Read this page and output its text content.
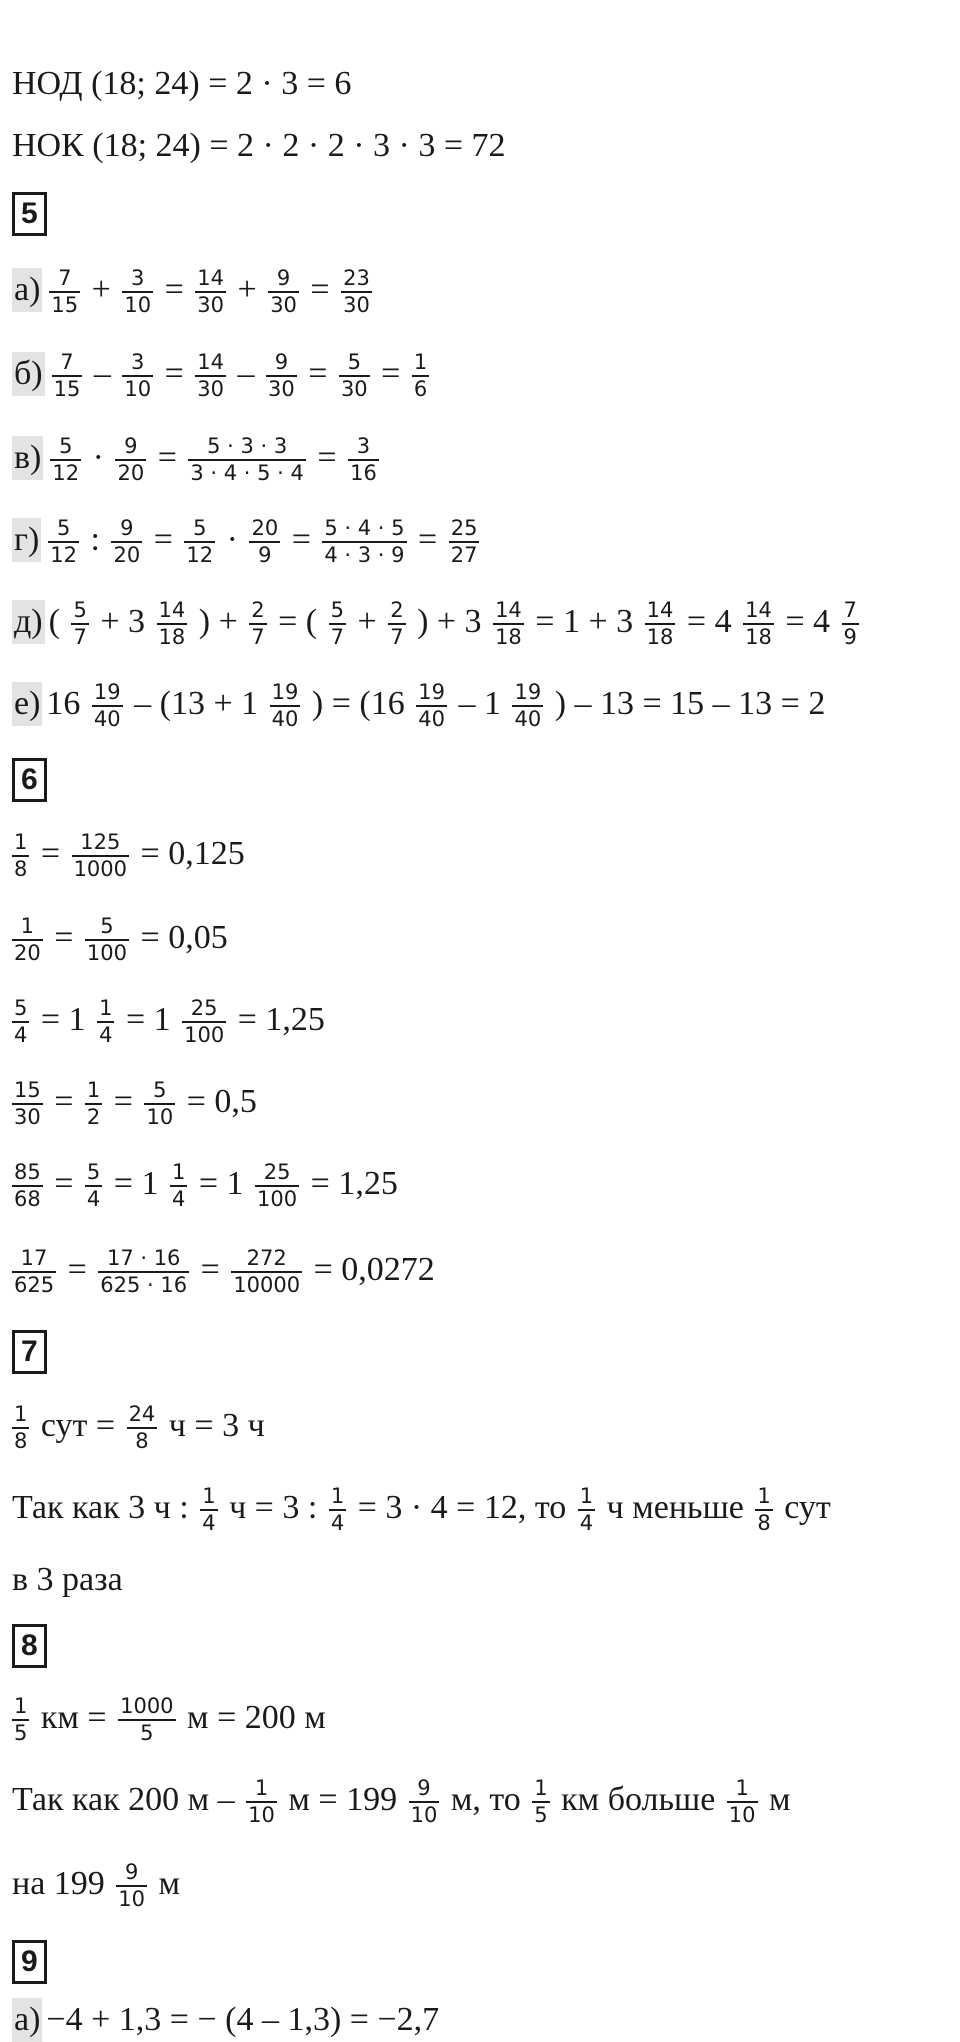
НОД (18; 24) = 2 · 3 = 6
НОК (18; 24) = 2 · 2 · 2 · 3 · 3 = 72
5
$а) \frac{7}{15} + \frac{3}{10} = \frac{14}{30} + \frac{9}{30} = \frac{23}{30}$
$б) \frac{7}{15} - \frac{3}{10} = \frac{14}{30} - \frac{9}{30} = \frac{5}{30} = \frac{1}{6}$
$в) \frac{5}{12} \cdot \frac{9}{20} = \frac{5 \cdot 3 \cdot 3}{3 \cdot 4 \cdot 5 \cdot 4} = \frac{3}{16}$
$г) \frac{5}{12}$ : $\frac{9}{20} = \frac{5}{12} \cdot \frac{20}{9} = \frac{5 \cdot 4 \cdot 5}{4 \cdot 3 \cdot 9} = \frac{25}{27}$
д) ( $\frac{5}{7} + 3 \frac{14}{18}$ ) + $\frac{2}{7}$ = ( $\frac{5}{7} + \frac{2}{7}$ ) + $3 \frac{14}{18} = 1 + 3 \frac{14}{18} = 4 \frac{14}{18} = 4 \frac{7}{9}$
е) $16 \frac{19}{40} - (13 + 1 \frac{19}{40}$ ) = ($16 \frac{19}{40} - 1 \frac{19}{40}$ ) – 13 = 15 – 13 = 2
6
$\frac{1}{8} = \frac{125}{1000} = 0,125$
$\frac{1}{20} = \frac{5}{100} = 0,05$
$\frac{5}{4} = 1 \frac{1}{4} = 1 \frac{25}{100} = 1,25$
$\frac{15}{30} = \frac{1}{2} = \frac{5}{10} = 0,5$
$\frac{85}{68} = \frac{5}{4} = 1 \frac{1}{4} = 1 \frac{25}{100} = 1,25$
$\frac{17}{625} = \frac{17 \cdot 16}{625 \cdot 16} = \frac{272}{10000} = 0,0272$
7
$\frac{1}{8}$ сут = $\frac{24}{8}$ ч = 3 ч
Так как 3 ч : $\frac{1}{4}$ ч = 3 : $\frac{1}{4} = 3 \cdot 4 = 12$, то $\frac{1}{4}$ ч меньше $\frac{1}{8}$ сут
в 3 раза
8
$\frac{1}{5}$ км = $\frac{1000}{5}$ м = 200 м
Так как 200 м – $\frac{1}{10}$ $м = 199 \frac{9}{10} м$, то $\frac{1}{5}$ км больше $\frac{1}{10}$ м
на $199 \frac{9}{10}$ м
9
а) −4 + 1,3 = − (4 – 1,3) = −2,7
